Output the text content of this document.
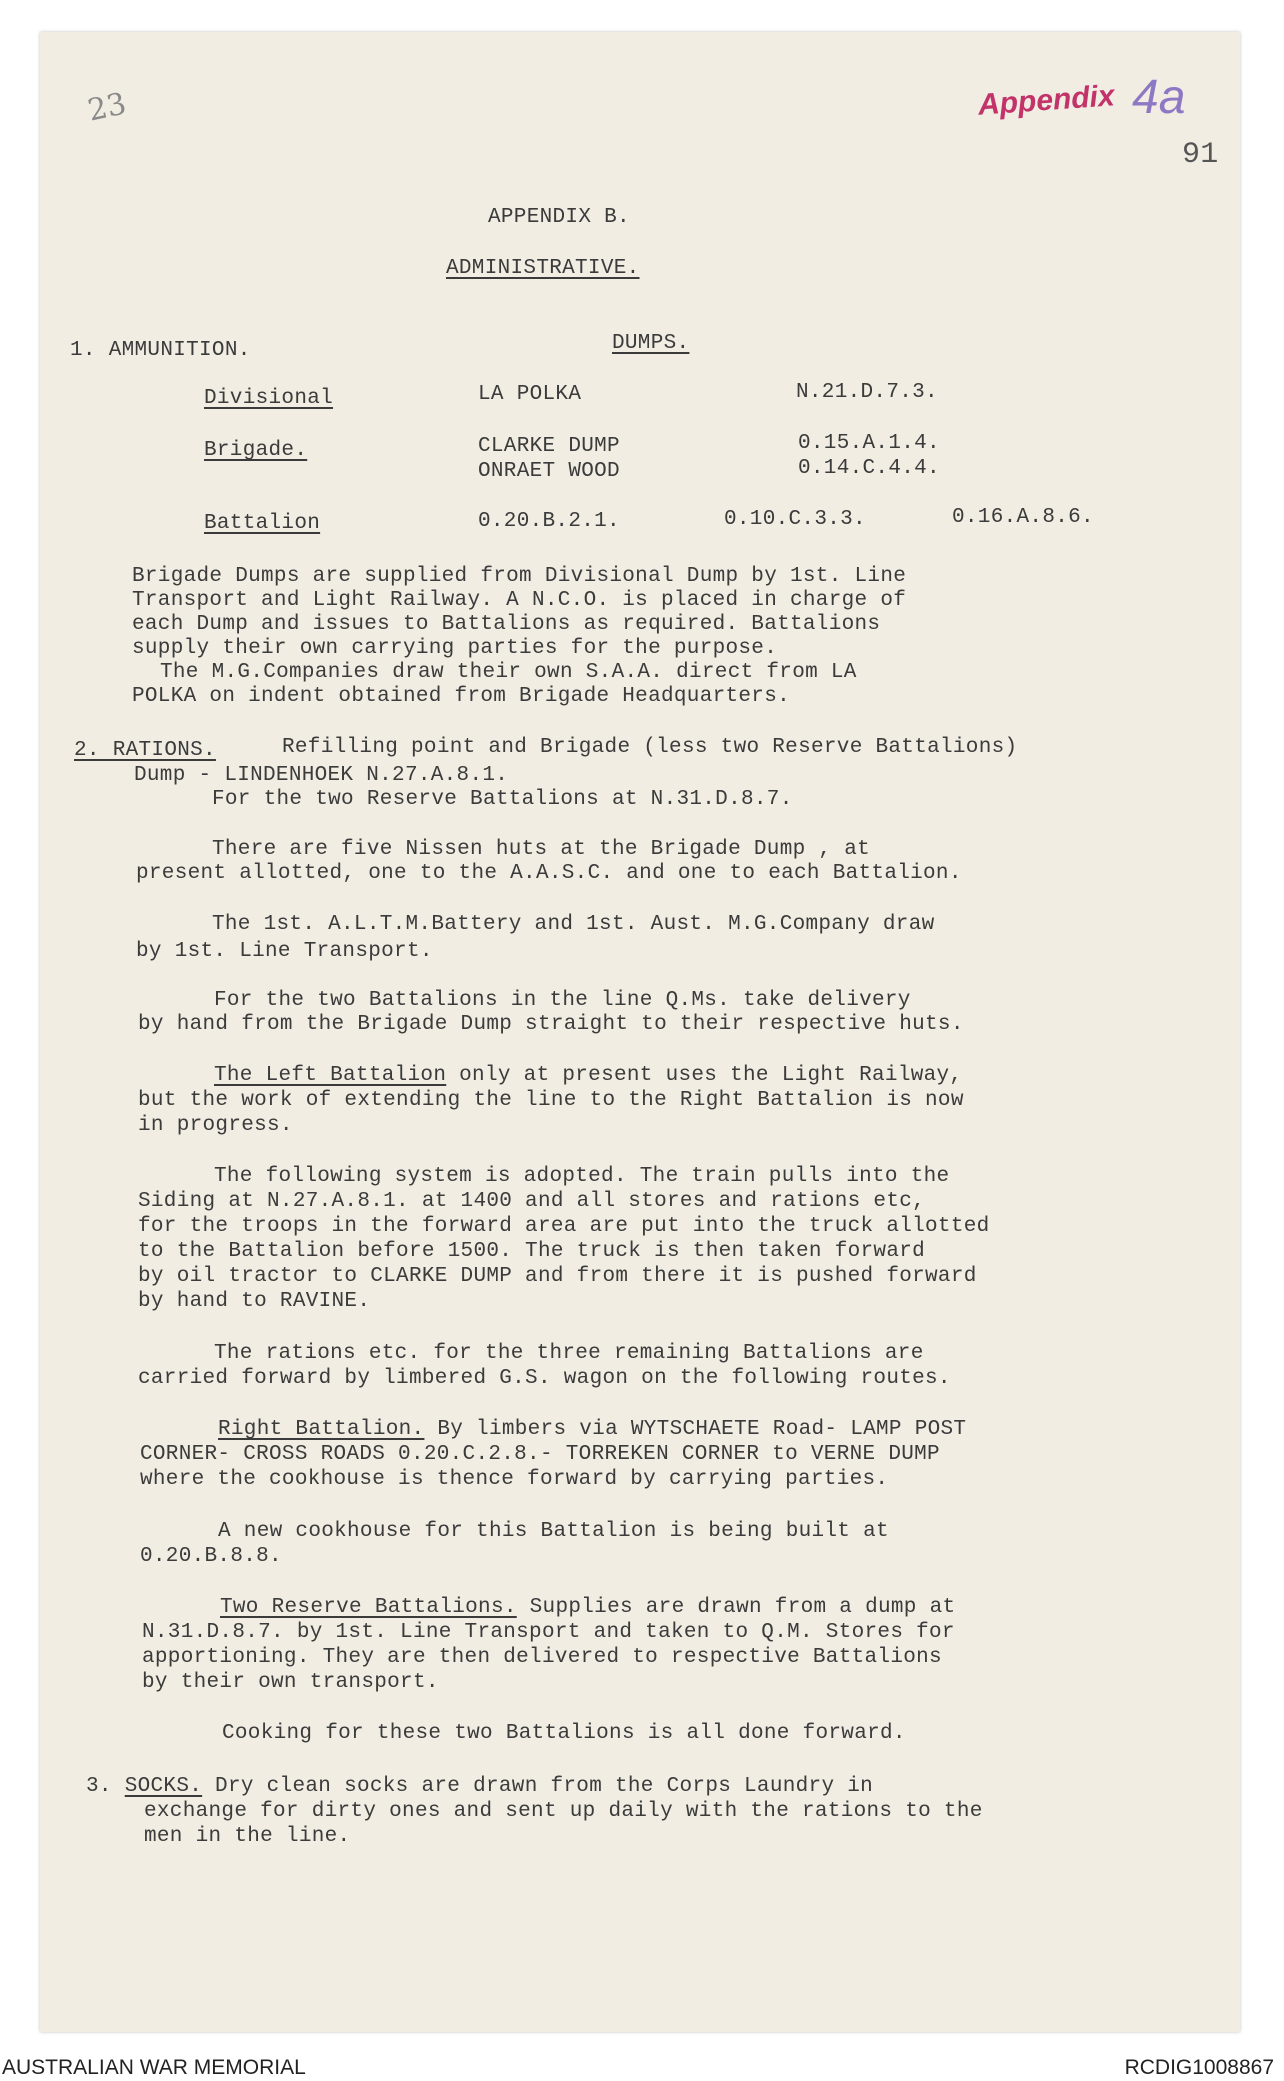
23	Appendix 4a
91
APPENDIX B.
ADMINISTRATIVE.
1. AMMUNITION.	DUMPS.
Divisional	LA POLKA	N.21.D.7.3.
Brigade.	CLARKE DUMP	0.15.A.1.4.
ONRAET WOOD	0.14.C.4.4.
Battalion	0.20.B.2.1.	0.10.C.3.3.	0.16.A.8.6.
Brigade Dumps are supplied from Divisional Dump by 1st. Line
Transport and Light Railway. A N.C.O. is placed in charge of
each Dump and issues to Battalions as required. Battalions
supply their own carrying parties for the purpose.
The M.G.Companies draw their own S.A.A. direct from LA
POLKA on indent obtained from Brigade Headquarters.
2. RATIONS.	Refilling point and Brigade (less two Reserve Battalions)
Dump - LINDENHOEK N.27.A.8.1.
For the two Reserve Battalions at N.31.D.8.7.
There are five Nissen huts at the Brigade Dump , at
present allotted, one to the A.A.S.C. and one to each Battalion.
The 1st. A.L.T.M.Battery and 1st. Aust. M.G.Company draw
by 1st. Line Transport.
For the two Battalions in the line Q.Ms. take delivery
by hand from the Brigade Dump straight to their respective huts.
The Left Battalion only at present uses the Light Railway,
but the work of extending the line to the Right Battalion is now
in progress.
The following system is adopted. The train pulls into the
Siding at N.27.A.8.1. at 1400 and all stores and rations etc,
for the troops in the forward area are put into the truck allotted
to the Battalion before 1500. The truck is then taken forward
by oil tractor to CLARKE DUMP and from there it is pushed forward
by hand to RAVINE.
The rations etc. for the three remaining Battalions are
carried forward by limbered G.S. wagon on the following routes.
Right Battalion. By limbers via WYTSCHAETE Road- LAMP POST
CORNER- CROSS ROADS 0.20.C.2.8.- TORREKEN CORNER to VERNE DUMP
where the cookhouse is thence forward by carrying parties.
A new cookhouse for this Battalion is being built at
0.20.B.8.8.
Two Reserve Battalions. Supplies are drawn from a dump at
N.31.D.8.7. by 1st. Line Transport and taken to Q.M. Stores for
apportioning. They are then delivered to respective Battalions
by their own transport.
Cooking for these two Battalions is all done forward.
3. SOCKS. Dry clean socks are drawn from the Corps Laundry in
exchange for dirty ones and sent up daily with the rations to the
men in the line.
AUSTRALIAN WAR MEMORIAL	RCDIG1008867
